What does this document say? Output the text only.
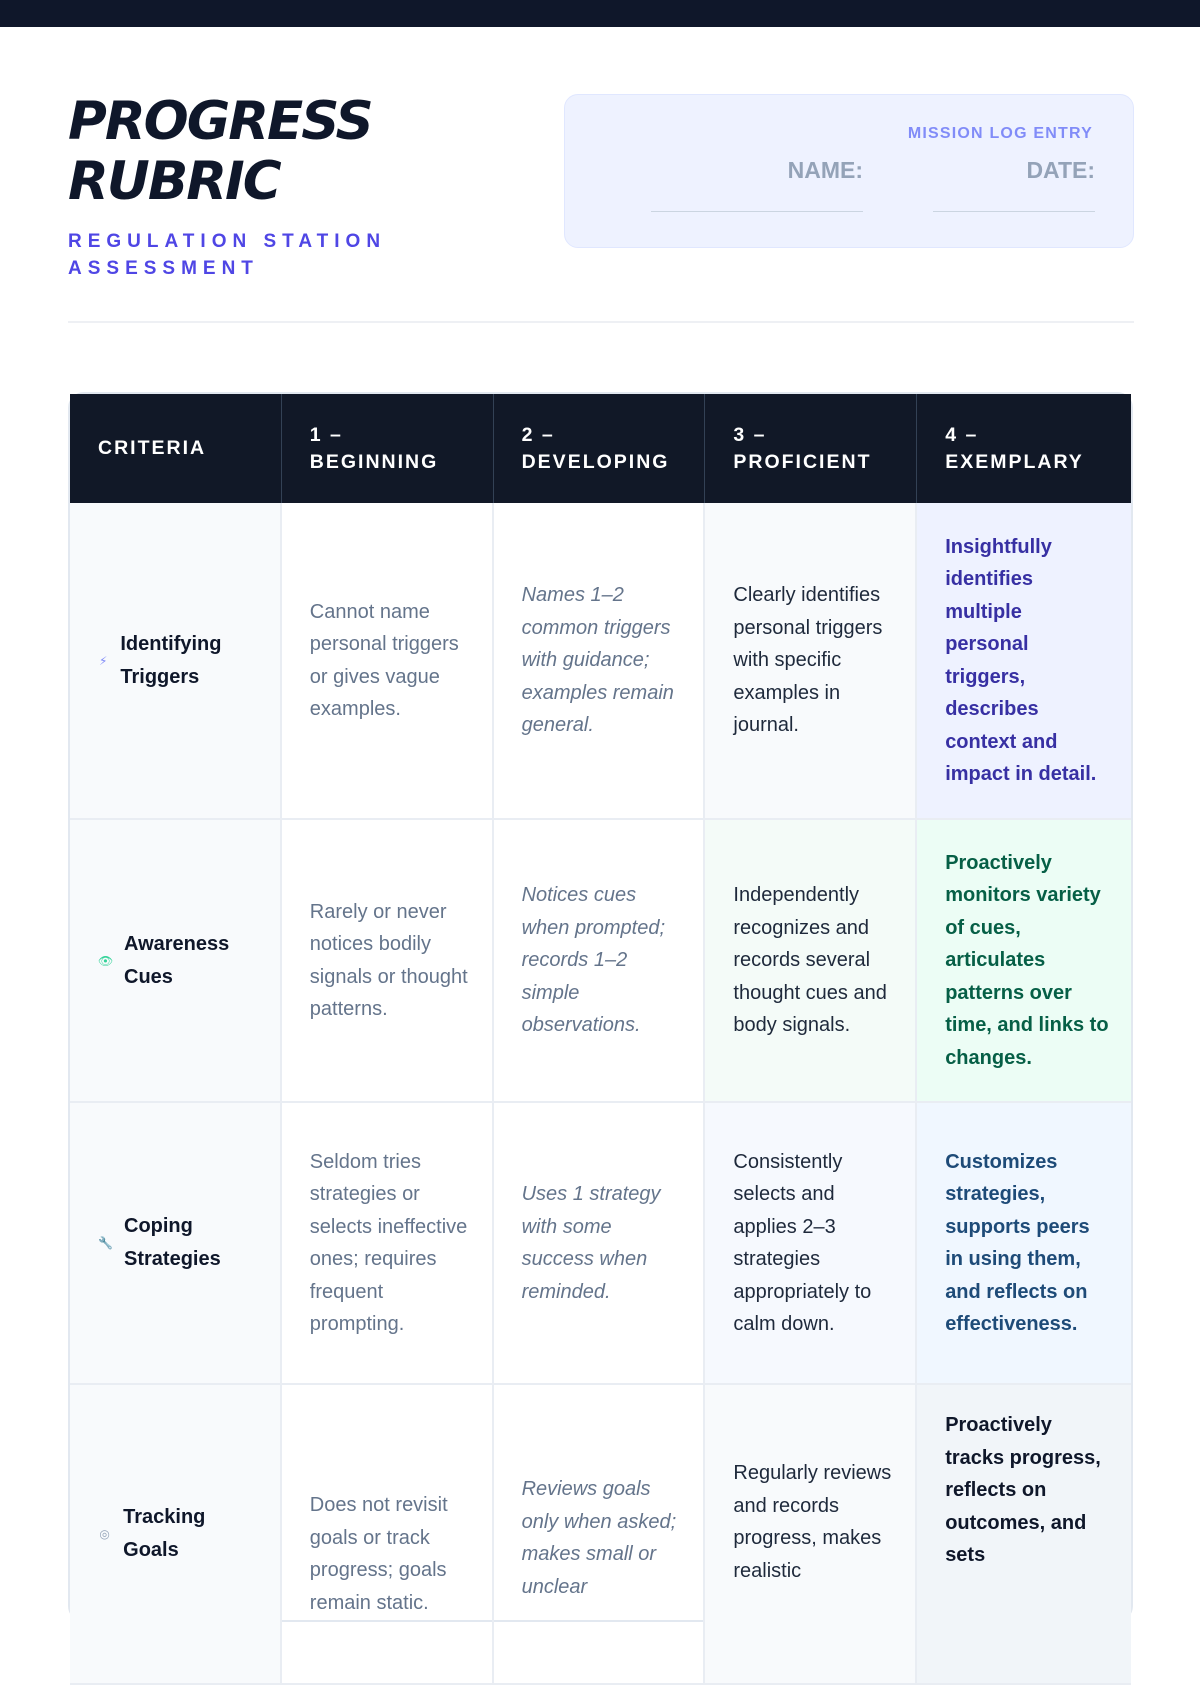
PROGRESS
RUBRIC
REGULATION STATION ASSESSMENT
MISSION LOG ENTRY
NAME:	DATE:
CRITERIA
1 – BEGINNING
2 – DEVELOPING
3 – PROFICIENT
4 – EXEMPLARY
⚡
Identifying Triggers
Cannot name personal triggers or gives vague examples.
Names 1–2 common triggers with guidance; examples remain general.
Clearly identifies personal triggers with specific examples in journal.
Insightfully identifies multiple personal triggers, describes context and impact in detail.
👁
Awareness Cues
Rarely or never notices bodily signals or thought patterns.
Notices cues when prompted; records 1–2 simple observations.
Independently recognizes and records several thought cues and body signals.
Proactively monitors variety of cues, articulates patterns over time, and links to changes.
🔧
Coping Strategies
Seldom tries strategies or selects ineffective ones; requires frequent prompting.
Uses 1 strategy with some success when reminded.
Consistently selects and applies 2–3 strategies appropriately to calm down.
Customizes strategies, supports peers in using them, and reflects on effectiveness.
◎
Tracking Goals
Does not revisit goals or track progress; goals remain static.
Reviews goals only when asked; makes small or unclear
Regularly reviews and records progress, makes realistic
Proactively tracks progress, reflects on outcomes, and sets
